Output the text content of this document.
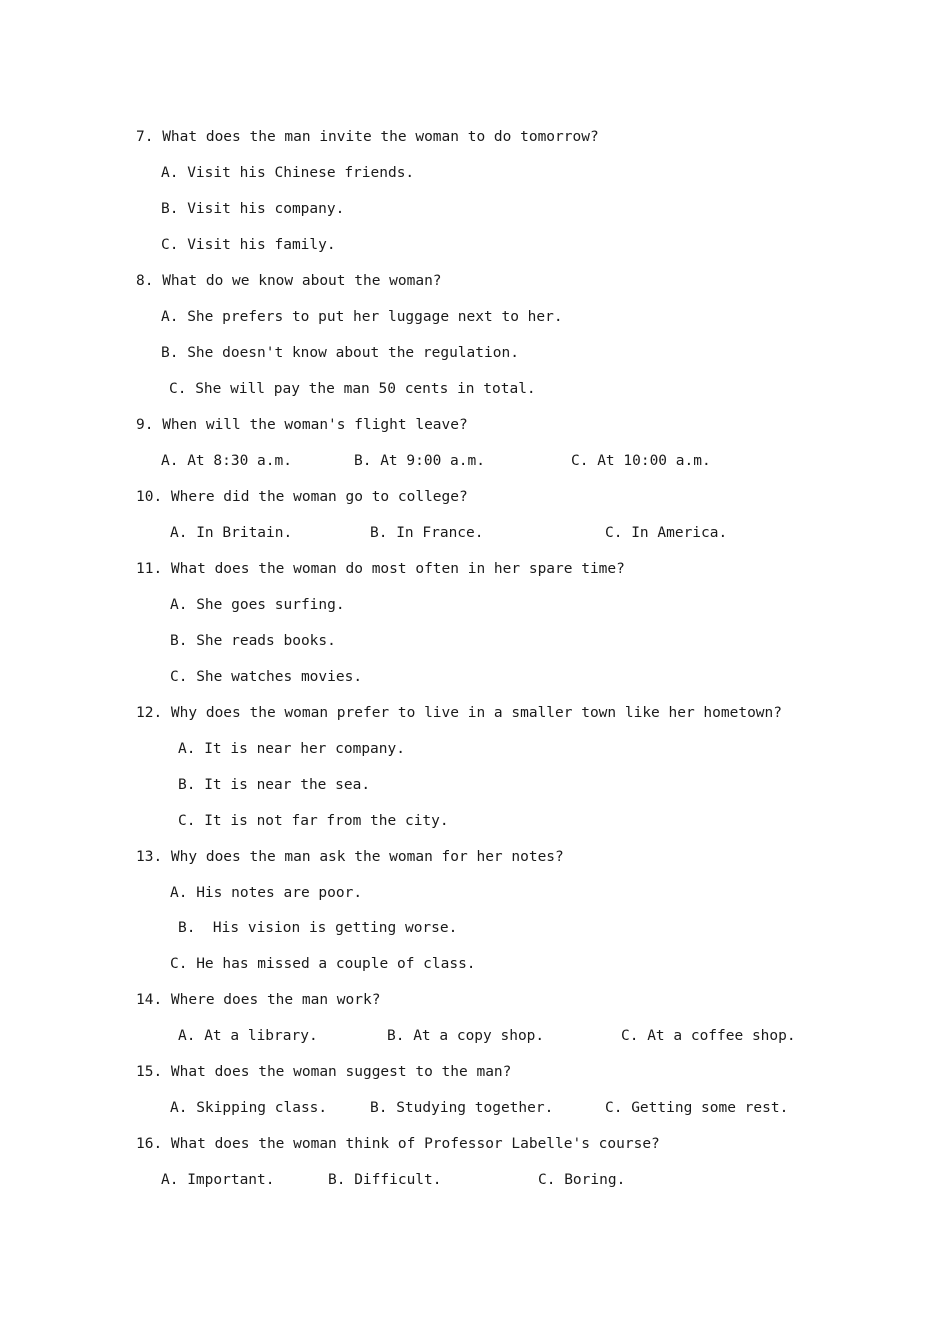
7. What does the man invite the woman to do tomorrow?
A. Visit his Chinese friends.
B. Visit his company.
C. Visit his family.
8. What do we know about the woman?
A. She prefers to put her luggage next to her.
B. She doesn't know about the regulation.
C. She will pay the man 50 cents in total.
9. When will the woman's flight leave?
A. At 8:30 a.m.	B. At 9:00 a.m.	C. At 10:00 a.m.
10. Where did the woman go to college?
A. In Britain.	B. In France.	C. In America.
11. What does the woman do most often in her spare time?
A. She goes surfing.
B. She reads books.
C. She watches movies.
12. Why does the woman prefer to live in a smaller town like her hometown?
A. It is near her company.
B. It is near the sea.
C. It is not far from the city.
13. Why does the man ask the woman for her notes?
A. His notes are poor.
B.  His vision is getting worse.
C. He has missed a couple of class.
14. Where does the man work?
A. At a library.	B. At a copy shop.	C. At a coffee shop.
15. What does the woman suggest to the man?
A. Skipping class.	B. Studying together.	C. Getting some rest.
16. What does the woman think of Professor Labelle's course?
A. Important.	B. Difficult.	C. Boring.
